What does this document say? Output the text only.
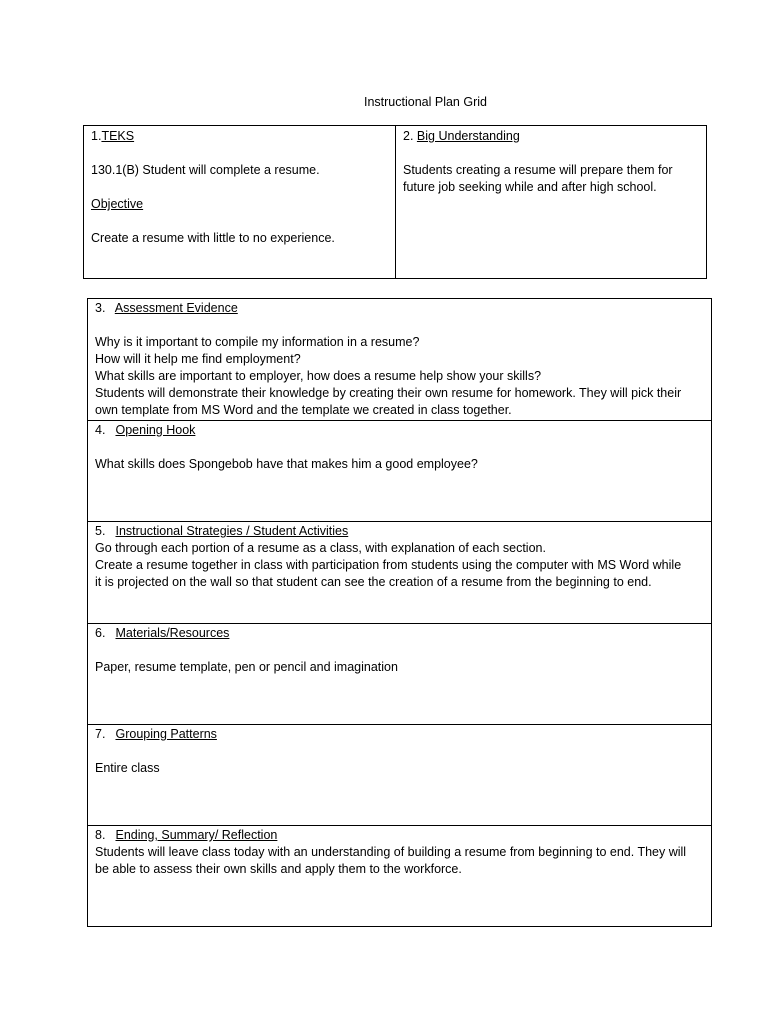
Instructional Plan Grid
1.TEKS

130.1(B) Student will complete a resume.

Objective

Create a resume with little to no experience.

2. Big Understanding

Students creating a resume will prepare them for

future job seeking while and after high school.

3. Assessment Evidence

Why is it important to compile my information in a resume?

How will it help me find employment?

What skills are important to employer, how does a resume help show your skills?

Students will demonstrate their knowledge by creating their own resume for homework. They will pick their

own template from MS Word and the template we created in class together.

4. Opening Hook

What skills does Spongebob have that makes him a good employee?

5. Instructional Strategies / Student Activities

Go through each portion of a resume as a class, with explanation of each section.

Create a resume together in class with participation from students using the computer with MS Word while

it is projected on the wall so that student can see the creation of a resume from the beginning to end.

6. Materials/Resources

Paper, resume template, pen or pencil and imagination

7. Grouping Patterns

Entire class

8. Ending, Summary/ Reflection

Students will leave class today with an understanding of building a resume from beginning to end. They will

be able to assess their own skills and apply them to the workforce.
